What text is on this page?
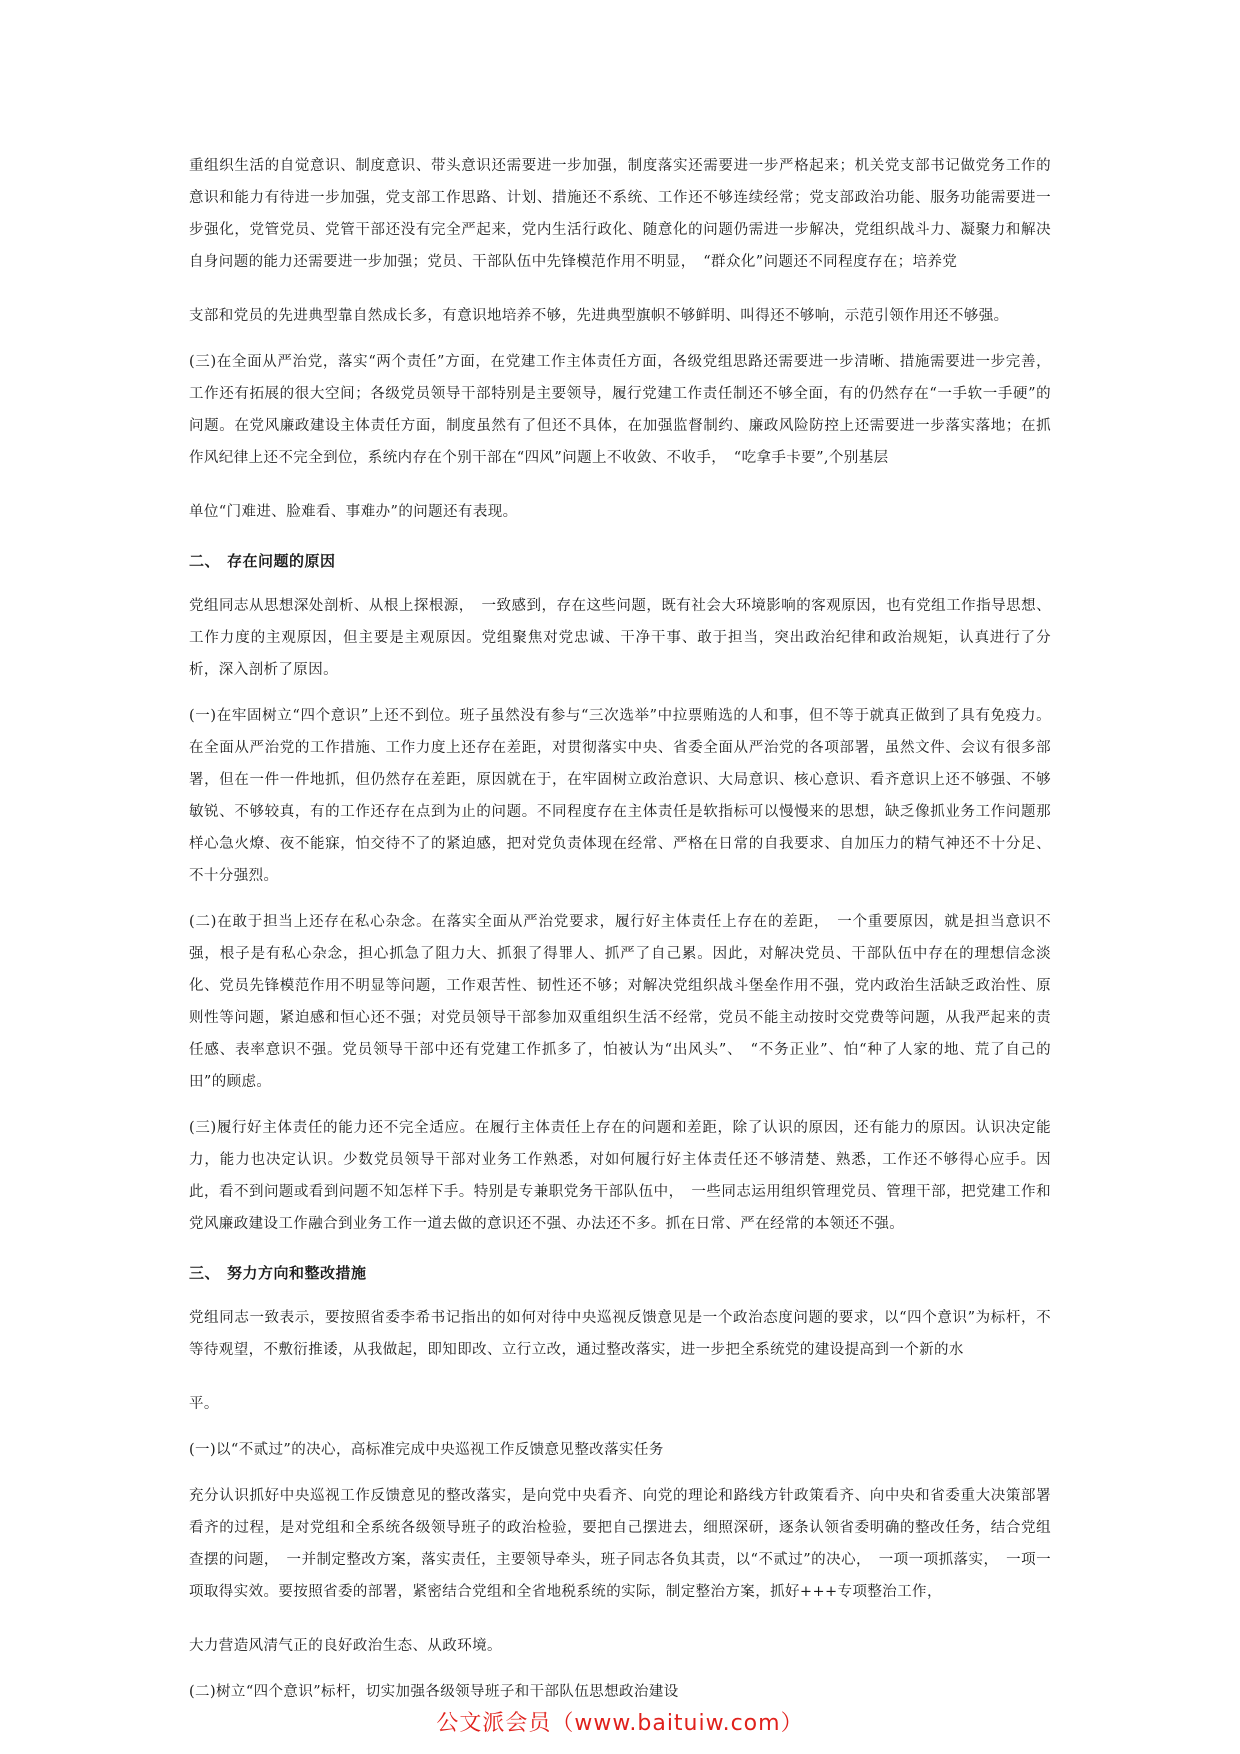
重组织生活的自觉意识、制度意识、带头意识还需要进一步加强，制度落实还需要进一步严格起来；机关党支部书记做党务工作的意识和能力有待进一步加强，党支部工作思路、计划、措施还不系统、工作还不够连续经常；党支部政治功能、服务功能需要进一步强化，党管党员、党管干部还没有完全严起来，党内生活行政化、随意化的问题仍需进一步解决，党组织战斗力、凝聚力和解决自身问题的能力还需要进一步加强；党员、干部队伍中先锋模范作用不明显，　“群众化”问题还不同程度存在；培养党

支部和党员的先进典型靠自然成长多，有意识地培养不够，先进典型旗帜不够鲜明、叫得还不够响，示范引领作用还不够强。

(三)在全面从严治党，落实“两个责任”方面，在党建工作主体责任方面，各级党组思路还需要进一步清晰、措施需要进一步完善，工作还有拓展的很大空间；各级党员领导干部特别是主要领导，履行党建工作责任制还不够全面，有的仍然存在“一手软一手硬”的问题。在党风廉政建设主体责任方面，制度虽然有了但还不具体，在加强监督制约、廉政风险防控上还需要进一步落实落地；在抓作风纪律上还不完全到位，系统内存在个别干部在“四风”问题上不收敛、不收手，　“吃拿手卡要”,个别基层

单位“门难进、脸难看、事难办”的问题还有表现。

二、 存在问题的原因

党组同志从思想深处剖析、从根上探根源，　一致感到，存在这些问题，既有社会大环境影响的客观原因，也有党组工作指导思想、工作力度的主观原因，但主要是主观原因。党组聚焦对党忠诚、干净干事、敢于担当，突出政治纪律和政治规矩，认真进行了分析，深入剖析了原因。

(一)在牢固树立“四个意识”上还不到位。班子虽然没有参与“三次选举”中拉票贿选的人和事，但不等于就真正做到了具有免疫力。在全面从严治党的工作措施、工作力度上还存在差距，对贯彻落实中央、省委全面从严治党的各项部署，虽然文件、会议有很多部署，但在一件一件地抓，但仍然存在差距，原因就在于，在牢固树立政治意识、大局意识、核心意识、看齐意识上还不够强、不够敏锐、不够较真，有的工作还存在点到为止的问题。不同程度存在主体责任是软指标可以慢慢来的思想，缺乏像抓业务工作问题那样心急火燎、夜不能寐，怕交待不了的紧迫感，把对党负责体现在经常、严格在日常的自我要求、自加压力的精气神还不十分足、不十分强烈。

(二)在敢于担当上还存在私心杂念。在落实全面从严治党要求，履行好主体责任上存在的差距，　一个重要原因，就是担当意识不强，根子是有私心杂念，担心抓急了阻力大、抓狠了得罪人、抓严了自己累。因此，对解决党员、干部队伍中存在的理想信念淡化、党员先锋模范作用不明显等问题，工作艰苦性、韧性还不够；对解决党组织战斗堡垒作用不强，党内政治生活缺乏政治性、原则性等问题，紧迫感和恒心还不强；对党员领导干部参加双重组织生活不经常，党员不能主动按时交党费等问题，从我严起来的责任感、表率意识不强。党员领导干部中还有党建工作抓多了，怕被认为“出风头”、　“不务正业”、怕“种了人家的地、荒了自己的田”的顾虑。

(三)履行好主体责任的能力还不完全适应。在履行主体责任上存在的问题和差距，除了认识的原因，还有能力的原因。认识决定能力，能力也决定认识。少数党员领导干部对业务工作熟悉，对如何履行好主体责任还不够清楚、熟悉，工作还不够得心应手。因此，看不到问题或看到问题不知怎样下手。特别是专兼职党务干部队伍中，　一些同志运用组织管理党员、管理干部，把党建工作和党风廉政建设工作融合到业务工作一道去做的意识还不强、办法还不多。抓在日常、严在经常的本领还不强。

三、 努力方向和整改措施

党组同志一致表示，要按照省委李希书记指出的如何对待中央巡视反馈意见是一个政治态度问题的要求，以“四个意识”为标杆，不等待观望，不敷衍推诿，从我做起，即知即改、立行立改，通过整改落实，进一步把全系统党的建设提高到一个新的水

平。

(一)以“不贰过”的决心，高标准完成中央巡视工作反馈意见整改落实任务

充分认识抓好中央巡视工作反馈意见的整改落实，是向党中央看齐、向党的理论和路线方针政策看齐、向中央和省委重大决策部署看齐的过程，是对党组和全系统各级领导班子的政治检验，要把自己摆进去，细照深研，逐条认领省委明确的整改任务，结合党组查摆的问题，　一并制定整改方案，落实责任，主要领导牵头，班子同志各负其责，以“不贰过”的决心，　一项一项抓落实，　一项一项取得实效。要按照省委的部署，紧密结合党组和全省地税系统的实际，制定整治方案，抓好+++专项整治工作，

大力营造风清气正的良好政治生态、从政环境。

(二)树立“四个意识”标杆，切实加强各级领导班子和干部队伍思想政治建设

公文派会员（www.baituiw.com）
